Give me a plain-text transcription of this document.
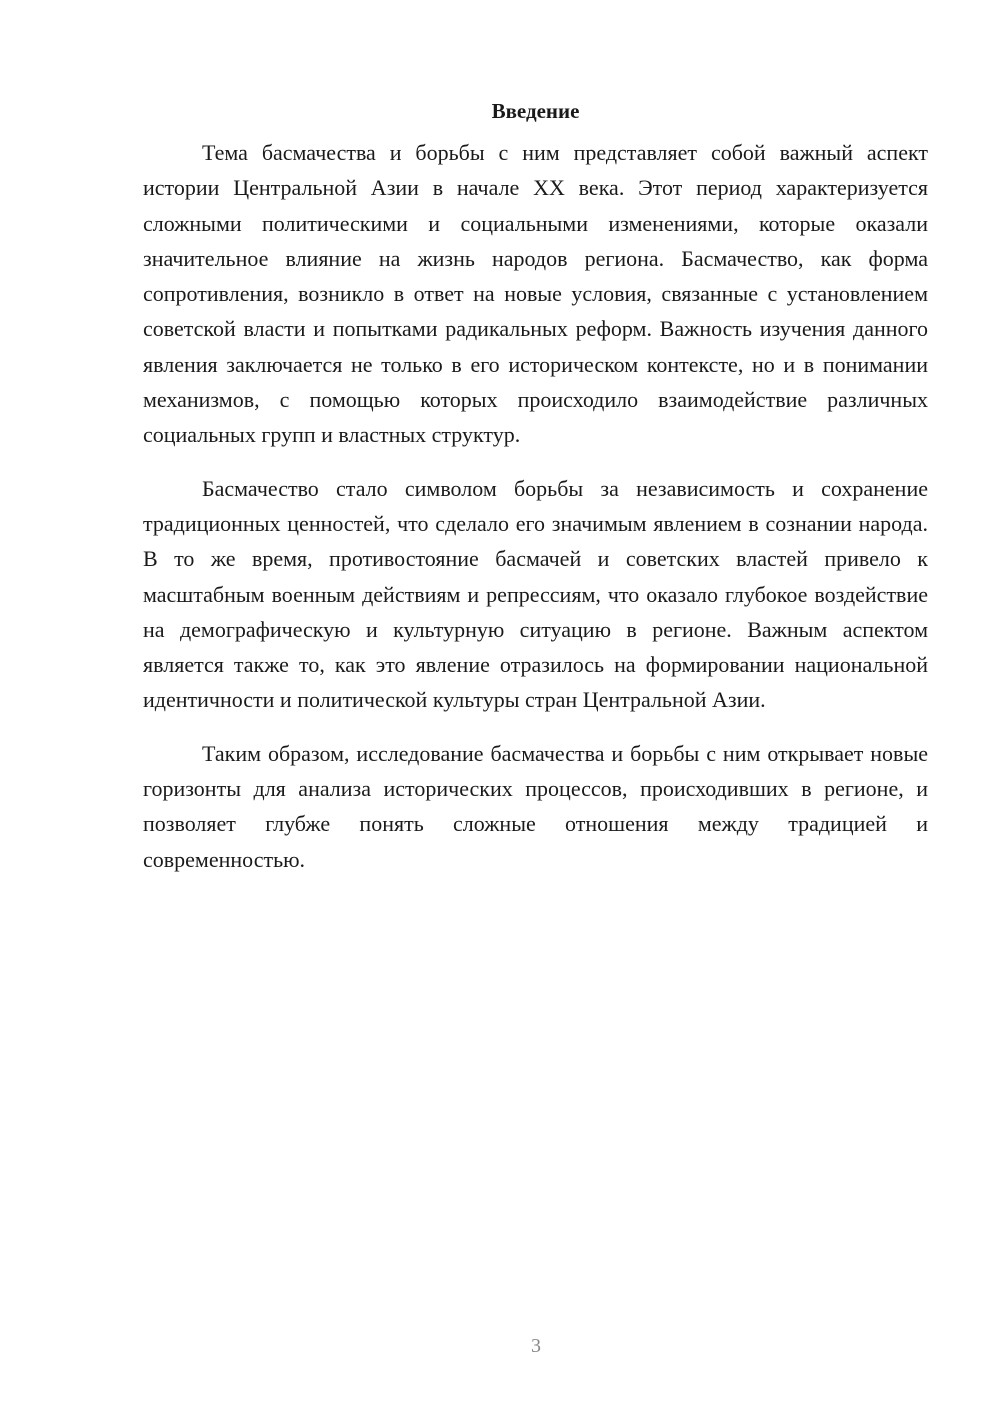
Введение

Тема басмачества и борьбы с ним представляет собой важный аспект истории Центральной Азии в начале XX века. Этот период характеризуется сложными политическими и социальными изменениями, которые оказали значительное влияние на жизнь народов региона. Басмачество, как форма сопротивления, возникло в ответ на новые условия, связанные с установлением советской власти и попытками радикальных реформ. Важность изучения данного явления заключается не только в его историческом контексте, но и в понимании механизмов, с помощью которых происходило взаимодействие различных социальных групп и властных структур.

Басмачество стало символом борьбы за независимость и сохранение традиционных ценностей, что сделало его значимым явлением в сознании народа. В то же время, противостояние басмачей и советских властей привело к масштабным военным действиям и репрессиям, что оказало глубокое воздействие на демографическую и культурную ситуацию в регионе. Важным аспектом является также то, как это явление отразилось на формировании национальной идентичности и политической культуры стран Центральной Азии.

Таким образом, исследование басмачества и борьбы с ним открывает новые горизонты для анализа исторических процессов, происходивших в регионе, и позволяет глубже понять сложные отношения между традицией и современностью.

3
